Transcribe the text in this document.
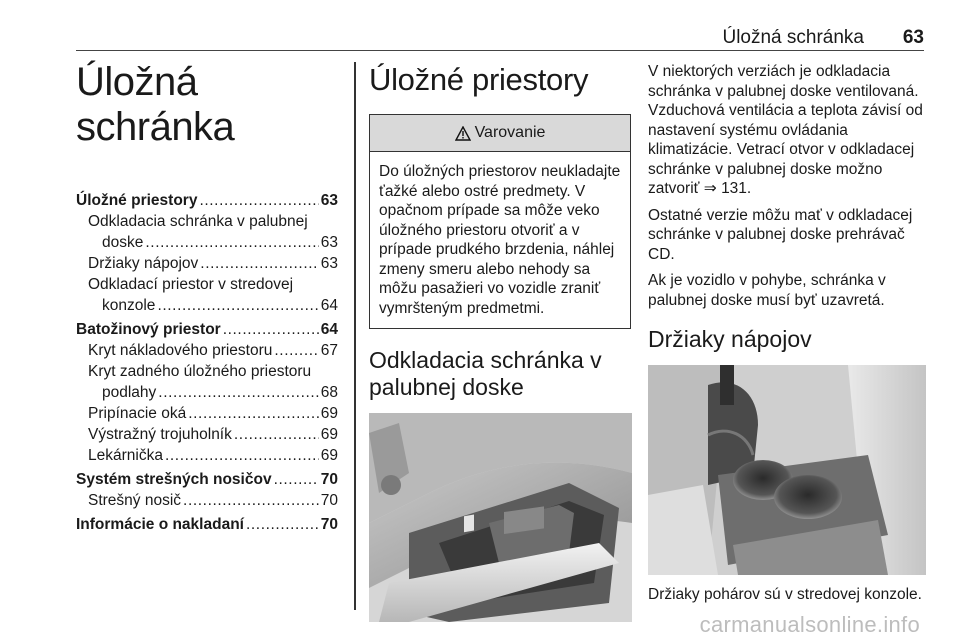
Úložná schránka 63
Úložná schránka
Úložné priestory .....	63
Odkladacia schránka v palubnej
doske .....	63
Držiaky nápojov .....	63
Odkladací priestor v stredovej
konzole .....	64
Batožinový priestor .....	64
Kryt nákladového priestoru .....	67
Kryt zadného úložného priestoru
podlahy .....	68
Pripínacie oká .....	69
Výstražný trojuholník .....	69
Lekárnička .....	69
Systém strešných nosičov .....	70
Strešný nosič .....	70
Informácie o nakladaní .....	70
Úložné priestory
Varovanie
Do úložných priestorov neukladajte ťažké alebo ostré predmety. V opačnom prípade sa môže veko úložného priestoru otvoriť a v prípade prudkého brzdenia, náhlej zmeny smeru alebo nehody sa môžu pasažieri vo vozidle zraniť vymršteným predmetmi.
Odkladacia schránka v palubnej doske

V niektorých verziách je odkladacia schránka v palubnej doske ventilovaná. Vzduchová ventilácia a teplota závisí od nastavení systému ovládania klimatizácie. Vetrací otvor v odkladacej schránke v palubnej doske možno zatvoriť ⇒ 131.

Ostatné verzie môžu mať v odkladacej schránke v palubnej doske prehrávač CD.

Ak je vozidlo v pohybe, schránka v palubnej doske musí byť uzavretá.

Držiaky nápojov

Držiaky pohárov sú v stredovej konzole.

carmanualsonline.info
